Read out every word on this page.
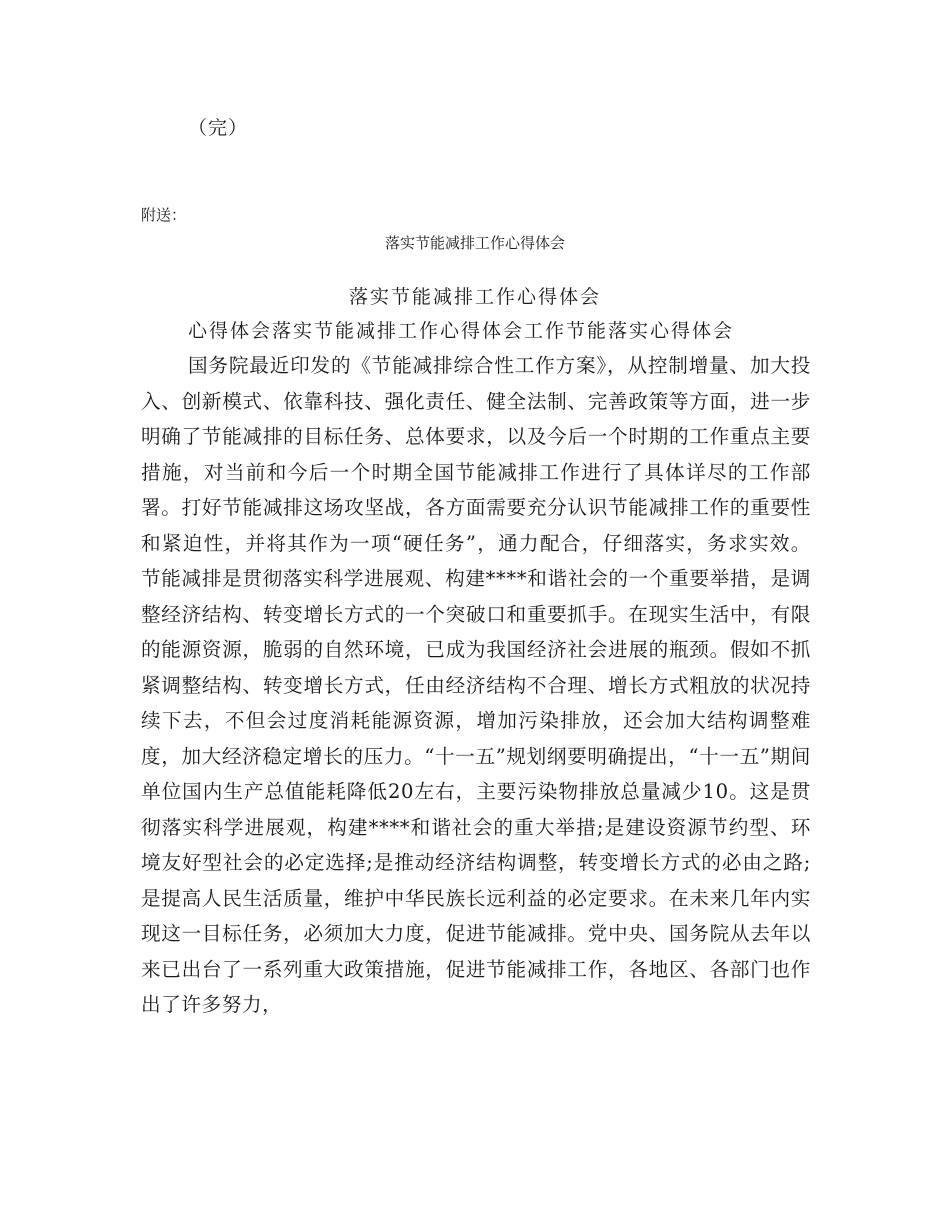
（完）
附送：
落实节能减排工作心得体会
落实节能减排工作心得体会
心得体会落实节能减排工作心得体会工作节能落实心得体会
国务院最近印发的《节能减排综合性工作方案》，从控制增量、加大投入、创新模式、依靠科技、强化责任、健全法制、完善政策等方面，进一步明确了节能减排的目标任务、总体要求，以及今后一个时期的工作重点主要措施，对当前和今后一个时期全国节能减排工作进行了具体详尽的工作部署。打好节能减排这场攻坚战，各方面需要充分认识节能减排工作的重要性和紧迫性，并将其作为一项“硬任务”，通力配合，仔细落实，务求实效。 节能减排是贯彻落实科学进展观、构建****和谐社会的一个重要举措，是调整经济结构、转变增长方式的一个突破口和重要抓手。在现实生活中，有限的能源资源，脆弱的自然环境，已成为我国经济社会进展的瓶颈。假如不抓紧调整结构、转变增长方式，任由经济结构不合理、增长方式粗放的状况持续下去，不但会过度消耗能源资源，增加污染排放，还会加大结构调整难度，加大经济稳定增长的压力。“十一五”规划纲要明确提出，“十一五”期间单位国内生产总值能耗降低20左右，主要污染物排放总量减少10。这是贯彻落实科学进展观，构建****和谐社会的重大举措;是建设资源节约型、环境友好型社会的必定选择;是推动经济结构调整，转变增长方式的必由之路;是提高人民生活质量，维护中华民族长远利益的必定要求。在未来几年内实现这一目标任务，必须加大力度，促进节能减排。党中央、国务院从去年以来已出台了一系列重大政策措施，促进节能减排工作，各地区、各部门也作出了许多努力，
